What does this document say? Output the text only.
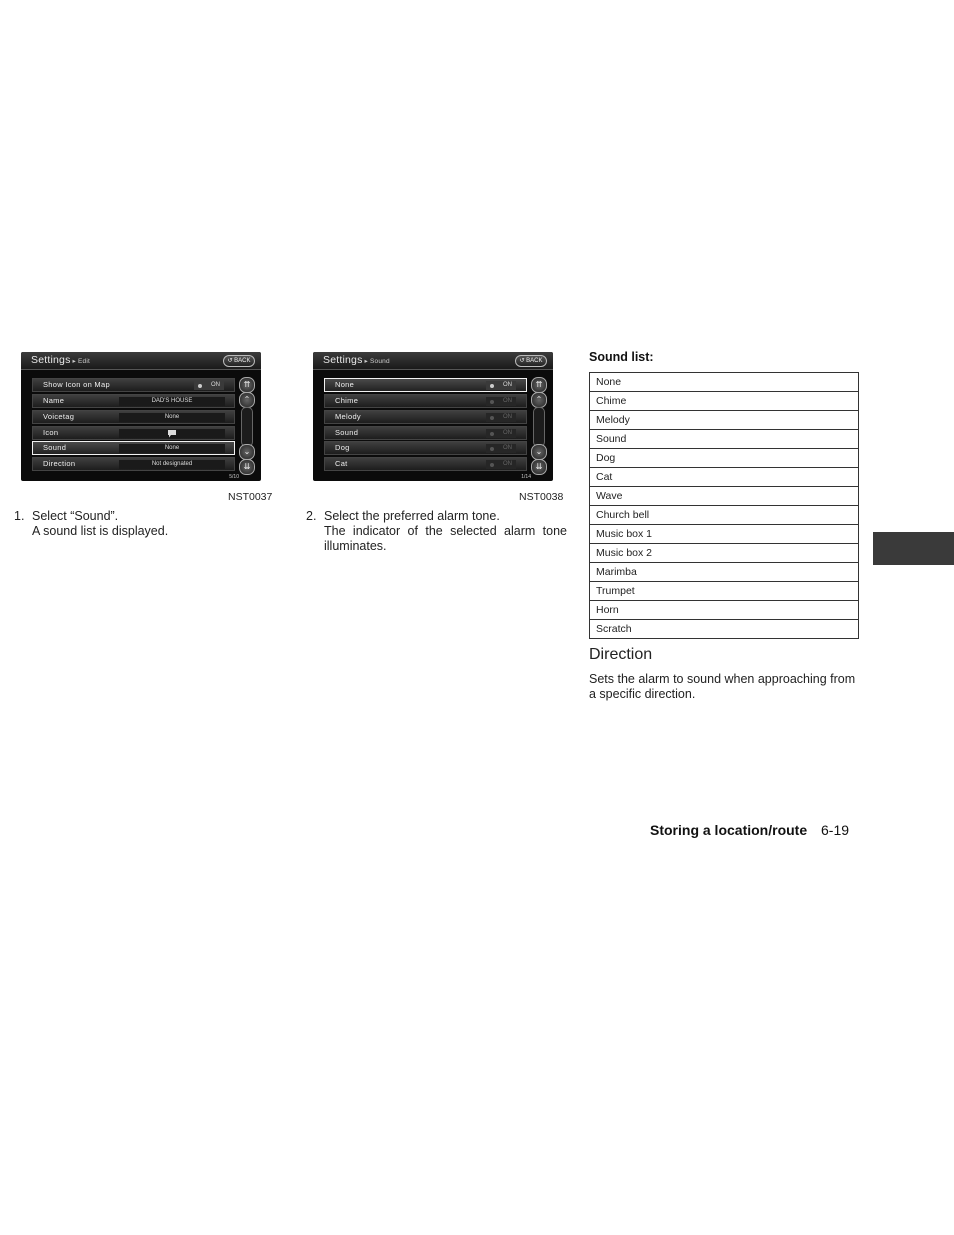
Settings ▸ Edit	↺ BACK
Show Icon on Map	ON
Name	DAD'S HOUSE
Voicetag	None
Icon
Sound	None
Direction	Not designated
⇈
⌃
⌄
⇊
5/10
NST0037
Settings ▸ Sound	↺ BACK
None	ON
Chime	ON
Melody	ON
Sound	ON
Dog	ON
Cat	ON
⇈
⌃
⌄
⇊
1/14
NST0038
1. Select “Sound”.
A sound list is displayed.
2. Select the preferred alarm tone.
The indicator of the selected alarm tone illuminates.
Sound list:
None
Chime
Melody
Sound
Dog
Cat
Wave
Church bell
Music box 1
Music box 2
Marimba
Trumpet
Horn
Scratch
Direction
Sets the alarm to sound when approaching from a specific direction.
Storing a location/route 6-19
